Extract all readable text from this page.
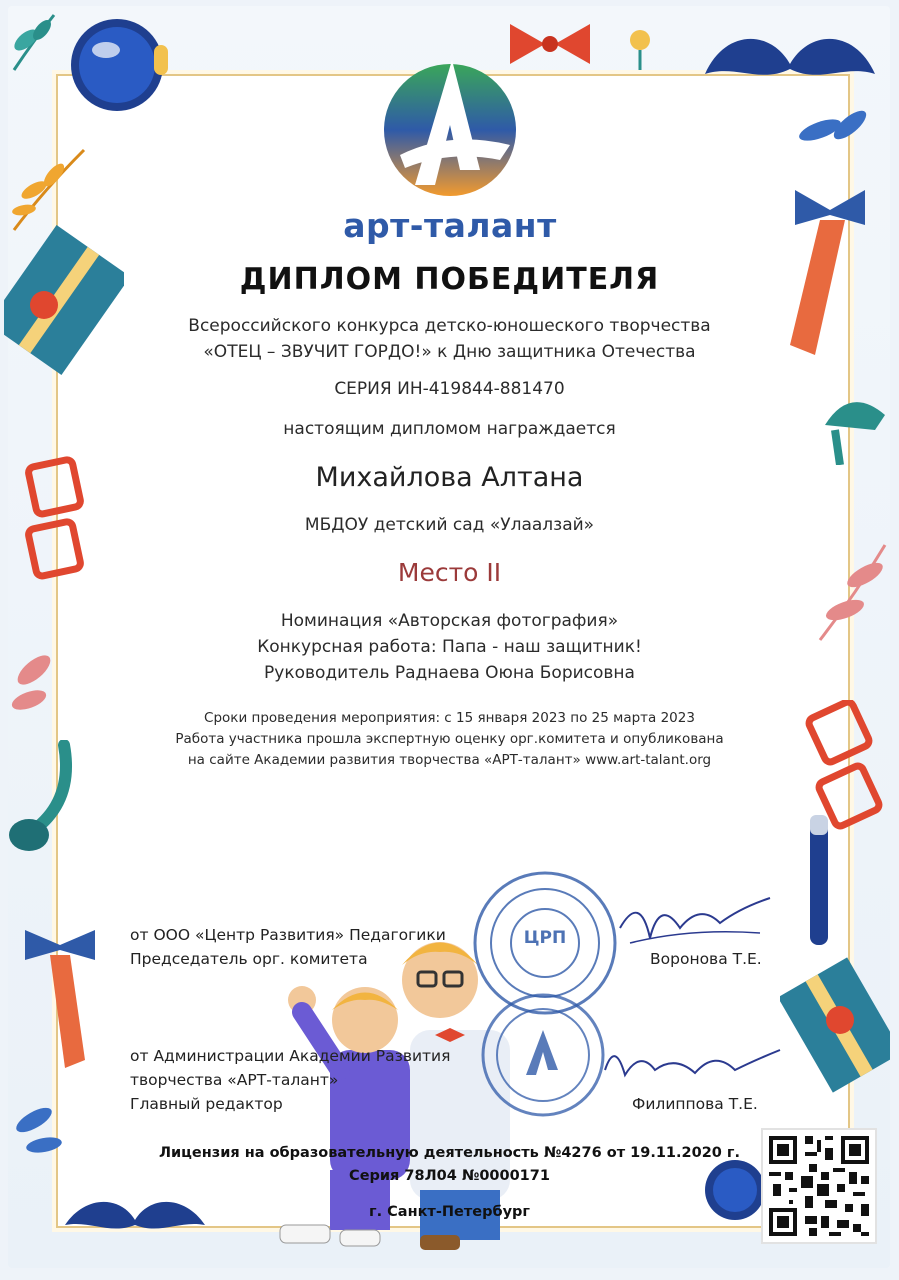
арт-талант
ДИПЛОМ ПОБЕДИТЕЛЯ
Всероссийского конкурса детско-юношеского творчества
«ОТЕЦ – ЗВУЧИТ ГОРДО!» к Дню защитника Отечества
СЕРИЯ ИН-419844-881470
настоящим дипломом награждается
Михайлова Алтана
МБДОУ детский сад «Улаалзай»
Место II
Номинация «Авторская фотография»
Конкурсная работа: Папа - наш защитник!
Руководитель Раднаева Оюна Борисовна
Сроки проведения мероприятия: с 15 января 2023 по 25 марта 2023
Работа участника прошла экспертную оценку орг.комитета и опубликована
на сайте Академии развития творчества «АРТ-талант» www.art-talant.org
ЦРП
от ООО «Центр Развития» Педагогики
Председатель орг. комитета	Воронова Т.Е.
от Администрации Академии Развития
творчества «АРТ-талант»
Главный редактор	Филиппова Т.Е.
Лицензия на образовательную деятельность №4276 от 19.11.2020 г.
Серия 78Л04 №0000171
г. Санкт-Петербург
